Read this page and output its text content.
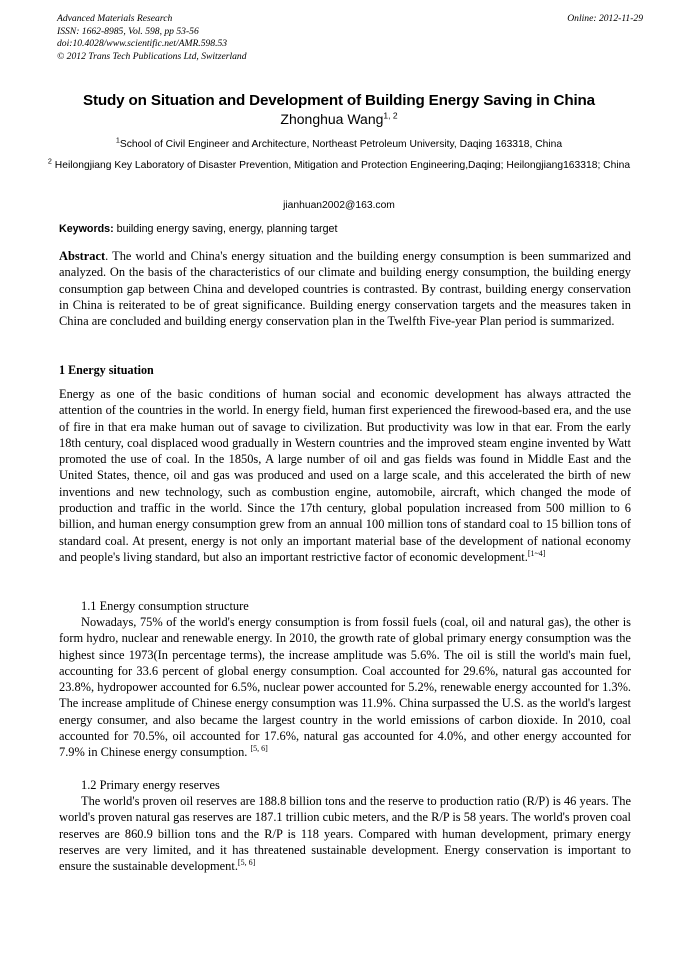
Advanced Materials Research
ISSN: 1662-8985, Vol. 598, pp 53-56
doi:10.4028/www.scientific.net/AMR.598.53
© 2012 Trans Tech Publications Ltd, Switzerland
Online: 2012-11-29
Study on Situation and Development of Building Energy Saving in China
Zhonghua Wang$^{1, 2}$
$^1$School of Civil Engineer and Architecture, Northeast Petroleum University, Daqing 163318, China
$^2$ Heilongjiang Key Laboratory of Disaster Prevention, Mitigation and Protection Engineering,Daqing; Heilongjiang163318; China
jianhuan2002@163.com
Keywords: building energy saving, energy, planning target
Abstract. The world and China's energy situation and the building energy consumption is been summarized and analyzed. On the basis of the characteristics of our climate and building energy consumption, the building energy consumption gap between China and developed countries is contrasted. By contrast, building energy conservation in China is reiterated to be of great significance. Building energy conservation targets and the measures taken in China are concluded and building energy conservation plan in the Twelfth Five-year Plan period is summarized.
1 Energy situation
Energy as one of the basic conditions of human social and economic development has always attracted the attention of the countries in the world. In energy field, human first experienced the firewood-based era, and the use of fire in that era make human out of savage to civilization. But productivity was low in that ear. From the early 18th century, coal displaced wood gradually in Western countries and the improved steam engine invented by Watt promoted the use of coal. In the 1850s, A large number of oil and gas fields was found in Middle East and the United States, thence, oil and gas was produced and used on a large scale, and this accelerated the birth of new inventions and new technology, such as combustion engine, automobile, aircraft, which changed the mode of production and traffic in the world. Since the 17th century, global population increased from 500 million to 6 billion, and human energy consumption grew from an annual 100 million tons of standard coal to 15 billion tons of standard coal. At present, energy is not only an important material base of the development of national economy and people's living standard, but also an important restrictive factor of economic development.[1~4]
1.1 Energy consumption structure
Nowadays, 75% of the world's energy consumption is from fossil fuels (coal, oil and natural gas), the other is form hydro, nuclear and renewable energy. In 2010, the growth rate of global primary energy consumption was the highest since 1973(In percentage terms), the increase amplitude was 5.6%. The oil is still the world's main fuel, accounting for 33.6 percent of global energy consumption. Coal accounted for 29.6%, natural gas accounted for 23.8%, hydropower accounted for 6.5%, nuclear power accounted for 5.2%, renewable energy accounted for 1.3%. The increase amplitude of Chinese energy consumption was 11.9%. China surpassed the U.S. as the world's largest energy consumer, and also became the largest country in the world emissions of carbon dioxide. In 2010, coal accounted for 70.5%, oil accounted for 17.6%, natural gas accounted for 4.0%, and other energy accounted for 7.9% in Chinese energy consumption. [5, 6]
1.2 Primary energy reserves
The world's proven oil reserves are 188.8 billion tons and the reserve to production ratio (R/P) is 46 years. The world's proven natural gas reserves are 187.1 trillion cubic meters, and the R/P is 58 years. The world's proven coal reserves are 860.9 billion tons and the R/P is 118 years. Compared with human development, primary energy reserves are very limited, and it has threatened sustainable development. Energy conservation is important to ensure the sustainable development.[5, 6]
